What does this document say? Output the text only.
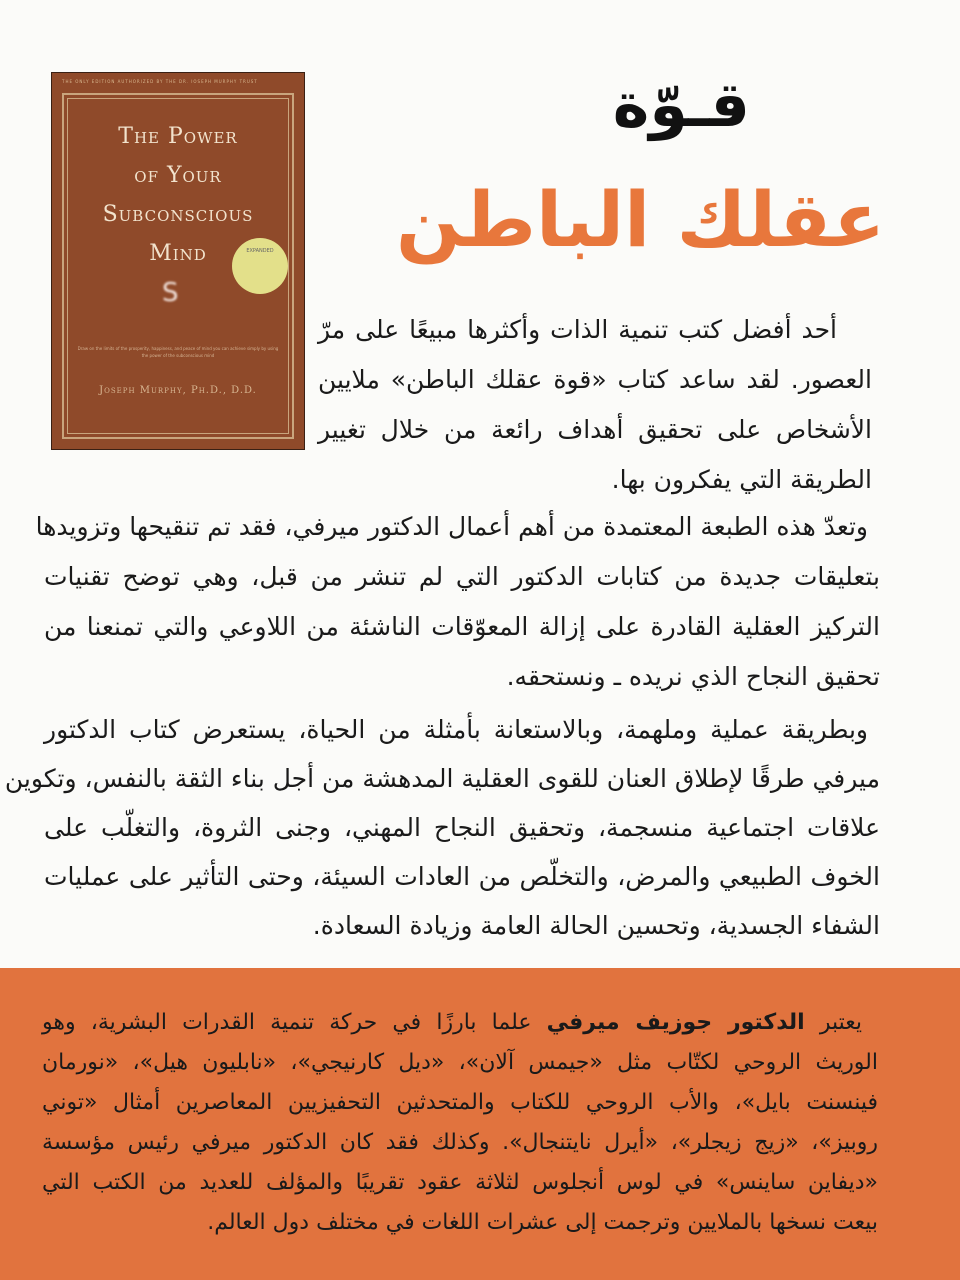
THE ONLY EDITION AUTHORIZED BY THE DR. JOSEPH MURPHY TRUST
The Power
of Your
Subconscious
Mind	EXPANDED
S
Draw on the limits of the prosperity, happiness, and peace of mind you can achieve simply by using the power of the subconscious mind
Joseph Murphy, Ph.D., D.D.
قـوّة
عقلك الباطن
أحد أفضل كتب تنمية الذات وأكثرها مبيعًا على مرّ
العصور. لقد ساعد كتاب «قوة عقلك الباطن» ملايين
الأشخاص على تحقيق أهداف رائعة من خلال تغيير
الطريقة التي يفكرون بها.
وتعدّ هذه الطبعة المعتمدة من أهم أعمال الدكتور ميرفي، فقد تم تنقيحها وتزويدها
بتعليقات جديدة من كتابات الدكتور التي لم تنشر من قبل، وهي توضح تقنيات
التركيز العقلية القادرة على إزالة المعوّقات الناشئة من اللاوعي والتي تمنعنا من
تحقيق النجاح الذي نريده ـ ونستحقه.
وبطريقة عملية وملهمة، وبالاستعانة بأمثلة من الحياة، يستعرض كتاب الدكتور
ميرفي طرقًا لإطلاق العنان للقوى العقلية المدهشة من أجل بناء الثقة بالنفس، وتكوين
علاقات اجتماعية منسجمة، وتحقيق النجاح المهني، وجنى الثروة، والتغلّب على
الخوف الطبيعي والمرض، والتخلّص من العادات السيئة، وحتى التأثير على عمليات
الشفاء الجسدية، وتحسين الحالة العامة وزيادة السعادة.
يعتبر الدكتور جوزيف ميرفي علما بارزًا في حركة تنمية القدرات البشرية، وهو
الوريث الروحي لكتّاب مثل «جيمس آلان»، «ديل كارنيجي»، «نابليون هيل»، «نورمان
فينسنت بايل»، والأب الروحي للكتاب والمتحدثين التحفيزيين المعاصرين أمثال «توني
روبيز»، «زيج زيجلر»، «أيرل نايتنجال». وكذلك فقد كان الدكتور ميرفي رئيس مؤسسة
«ديفاين ساينس» في لوس أنجلوس لثلاثة عقود تقريبًا والمؤلف للعديد من الكتب التي
بيعت نسخها بالملايين وترجمت إلى عشرات اللغات في مختلف دول العالم.
